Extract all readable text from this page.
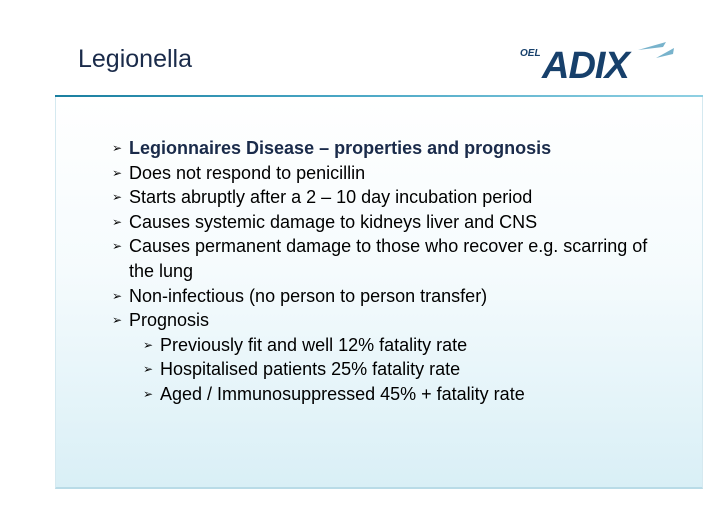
Legionella	OEL ADIX
➢ Legionnaires Disease – properties and prognosis
➢ Does not respond to penicillin
➢ Starts abruptly after a 2 – 10 day incubation period
➢ Causes systemic damage to kidneys liver and CNS
➢ Causes permanent damage to those who recover e.g. scarring of the lung
➢ Non-infectious (no person to person transfer)
➢ Prognosis
➢ Previously fit and well 12% fatality rate
➢ Hospitalised patients 25% fatality rate
➢ Aged / Immunosuppressed 45% + fatality rate
